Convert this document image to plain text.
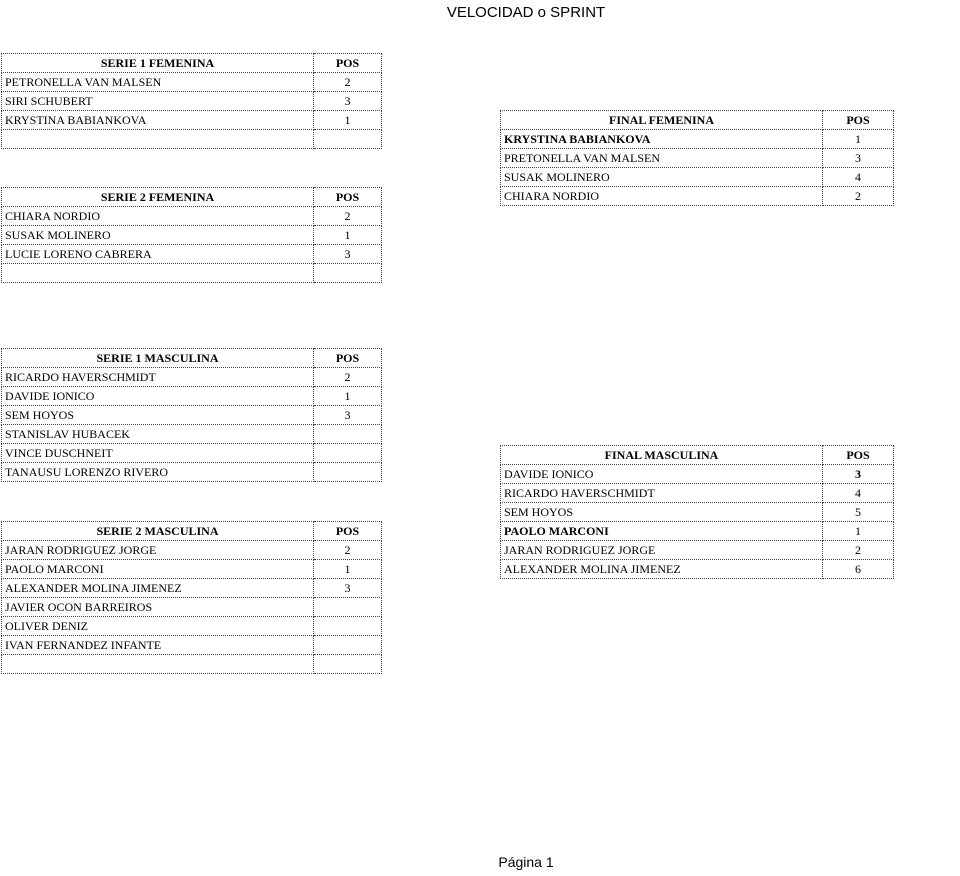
VELOCIDAD o SPRINT
SERIE 1 FEMENINA	POS
PETRONELLA VAN MALSEN	2
SIRI SCHUBERT	3
KRYSTINA BABIANKOVA	1

SERIE 2 FEMENINA	POS
CHIARA NORDIO	2
SUSAK MOLINERO	1
LUCIE LORENO CABRERA	3

FINAL FEMENINA	POS
KRYSTINA BABIANKOVA	1
PRETONELLA VAN MALSEN	3
SUSAK MOLINERO	4
CHIARA NORDIO	2
SERIE 1 MASCULINA	POS
RICARDO HAVERSCHMIDT	2
DAVIDE IONICO	1
SEM HOYOS	3
STANISLAV HUBACEK	
VINCE DUSCHNEIT	
TANAUSU LORENZO RIVERO	
SERIE 2 MASCULINA	POS
JARAN RODRIGUEZ JORGE	2
PAOLO MARCONI	1
ALEXANDER MOLINA JIMENEZ	3
JAVIER OCON BARREIROS	
OLIVER DENIZ	
IVAN FERNANDEZ INFANTE	

FINAL MASCULINA	POS
DAVIDE IONICO	3
RICARDO HAVERSCHMIDT	4
SEM HOYOS	5
PAOLO MARCONI	1
JARAN RODRIGUEZ JORGE	2
ALEXANDER MOLINA JIMENEZ	6
Página 1
